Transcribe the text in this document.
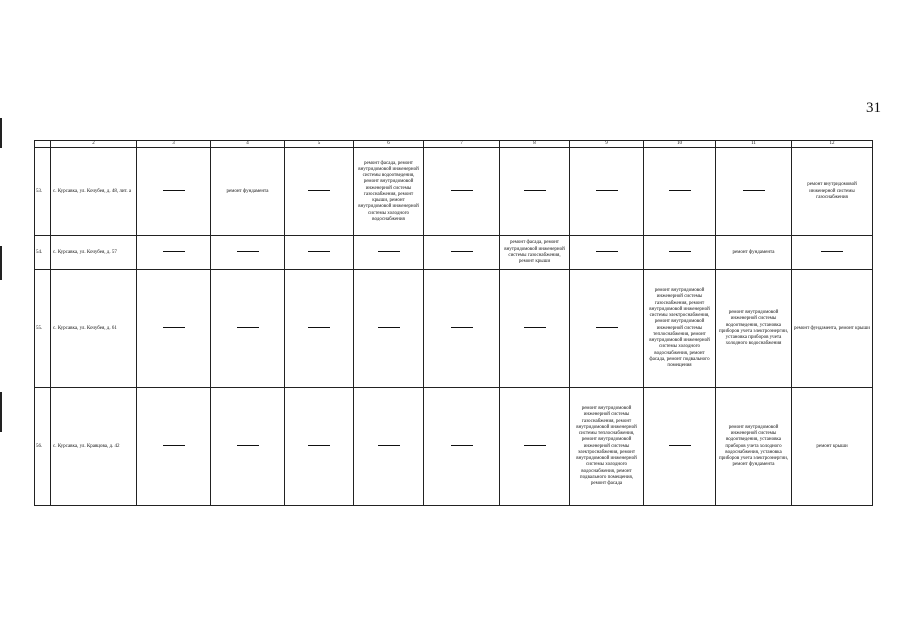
31
	2	3	4	5	6	7	8	9	10	11	12
53.	с. Курсавка, ул. Кочубея, д. 48, лит. а		ремонт фундамента		ремонт фасада, ремонт внутридомовой инженерной системы водоотведения, ремонт внутридомовой инженерной системы газоснабжения, ремонт крыши, ремонт внутридомовой инженерной системы холодного водоснабжения						ремонт внутридомовой инженерной системы газоснабжения
54.	с. Курсавка, ул. Кочубея, д. 57						ремонт фасада, ремонт внутридомовой инженерной системы газоснабжения, ремонт крыши			ремонт фундамента	
55.	с. Курсавка, ул. Кочубея, д. 61								ремонт внутридомовой инженерной системы газоснабжения, ремонт внутридомовой инженерной системы электроснабжения, ремонт внутридомовой инженерной системы теплоснабжения, ремонт внутридомовой инженерной системы холодного водоснабжения, ремонт фасада, ремонт подвального помещения	ремонт внутридомовой инженерной системы водоотведения, установка приборов учета электроэнергии, установка приборов учета холодного водоснабжения	ремонт фундамента, ремонт крыши
56.	с. Курсавка, ул. Кравцова, д. 42							ремонт внутридомовой инженерной системы газоснабжения, ремонт внутридомовой инженерной системы теплоснабжения, ремонт внутридомовой инженерной системы электроснабжения, ремонт внутридомовой инженерной системы холодного водоснабжения, ремонт подвального помещения, ремонт фасада		ремонт внутридомовой инженерной системы водоотведения, установка приборов учета холодного водоснабжения, установка приборов учета электроэнергии, ремонт фундамента	ремонт крыши
